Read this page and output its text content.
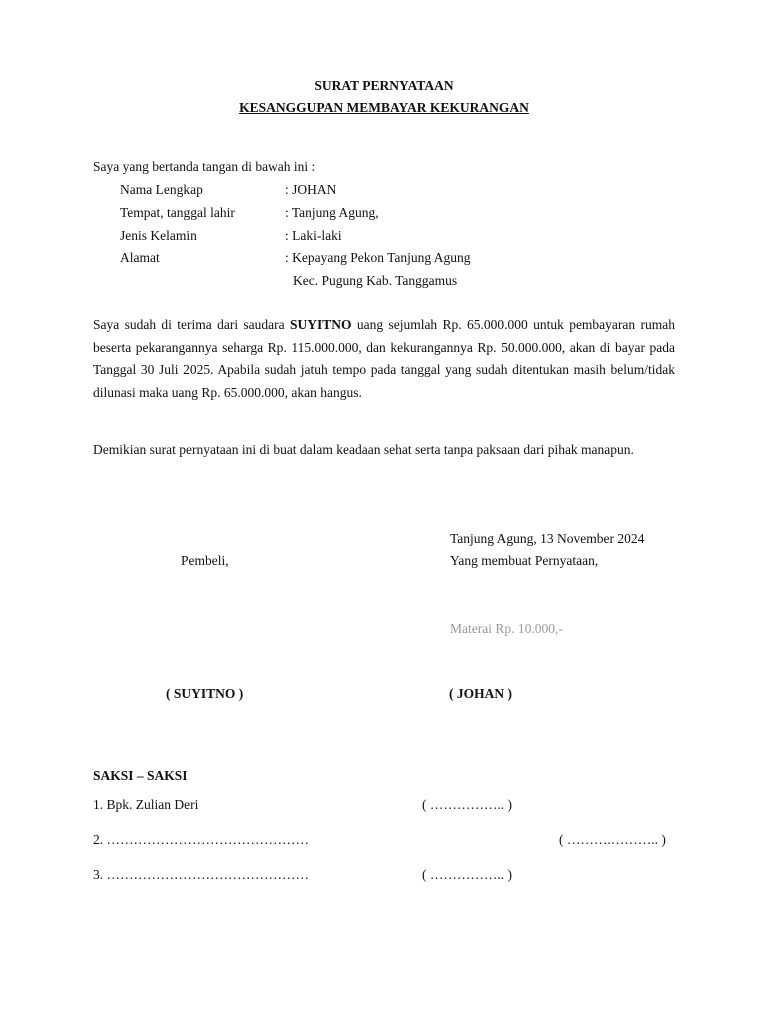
SURAT PERNYATAAN
KESANGGUPAN MEMBAYAR KEKURANGAN
Saya yang bertanda tangan di bawah ini :
Nama Lengkap	: JOHAN
Tempat, tanggal lahir	: Tanjung Agung,
Jenis Kelamin	: Laki-laki
Alamat	: Kepayang Pekon Tanjung Agung
Kec. Pugung Kab. Tanggamus
Saya sudah di terima dari saudara SUYITNO uang sejumlah Rp. 65.000.000 untuk pembayaran rumah beserta pekarangannya seharga Rp. 115.000.000, dan kekurangannya Rp. 50.000.000, akan di bayar pada Tanggal 30 Juli 2025. Apabila sudah jatuh tempo pada tanggal yang sudah ditentukan masih belum/tidak dilunasi maka uang Rp. 65.000.000, akan hangus.
Demikian surat pernyataan ini di buat dalam keadaan sehat serta tanpa paksaan dari pihak manapun.
Tanjung Agung, 13 November 2024
Pembeli,	Yang membuat Pernyataan,
Materai Rp. 10.000,-
( SUYITNO )	( JOHAN )
SAKSI – SAKSI
1. Bpk. Zulian Deri	( …………….. )
2. ………………………………………	( ……….……….. )
3. ………………………………………	( …………….. )
